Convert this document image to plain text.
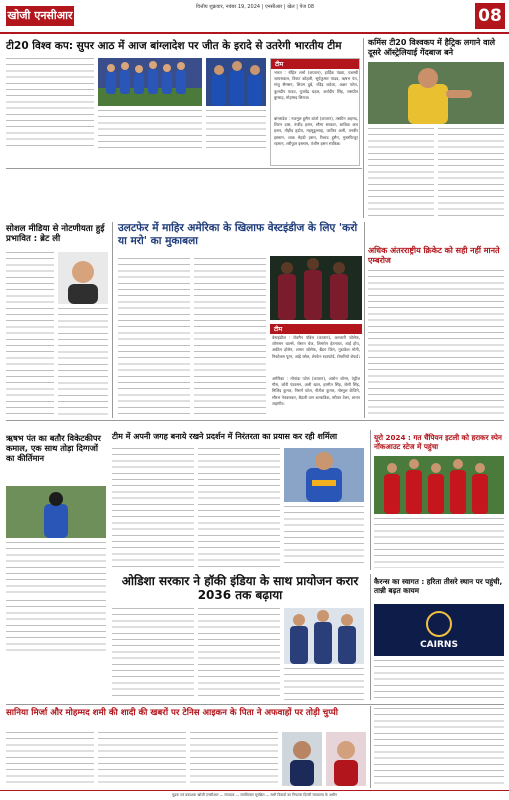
खोजी एनसीआर
वित्तीय शुक्रवार, नवंबर 19, 2024 | एनसीआर | खेल | पेज 08	08
टी20 विश्व कप: सुपर आठ में आज बांग्लादेश पर जीत के इरादे से उतरेगी भारतीय टीम
टीम
भारत : रोहित शर्मा (कप्तान), हार्दिक पंड्या, यशस्वी जायसवाल, विराट कोहली, सूर्यकुमार यादव, ऋषभ पंत, संजू सैमसन, शिवम दुबे, रविंद्र जडेजा, अक्षर पटेल, कुलदीप यादव, युजवेंद्र चहल, अर्शदीप सिंह, जसप्रीत बुमराह, मोहम्मद सिराज।
बांग्लादेश : नजमुल हुसैन शांतो (कप्तान), तस्कीन अहमद, लिटन दास, तंजीद हसन, सौम्य सरकार, शाकिब अल हसन, तौहीद हृदोय, महमूदुल्लाह, जाकिर अली, तनवीर इस्लाम, शाक मेहदी हसन, रिशाद हुसैन, मुस्तफिजुर रहमान, शरीफुल इस्लाम, तंजीम हसन साकिब।
कमिंस टी20 विश्वकप में हैट्रिक लगाने वाले दूसरे ऑस्ट्रेलियाई गेंदबाज बने
सोशल मीडिया से नोटणीयता हुई प्रभावित : ब्रेट ली
उलटफेर में माहिर अमेरिका के खिलाफ वेस्टइंडीज के लिए 'करो या मरो' का मुकाबला
टीम
वेस्टइंडीज : रोवमैन पॉवेल (कप्तान), अल्जारी जोसेफ, जॉनसन चार्ल्स, रोस्टन चेज, शिमरोन हेटमायर, शाई होप, अकील होसेन, शमार जोसेफ, ब्रैंडन किंग, गुडाकेश मोती, निकोलस पूरन, आंद्रे रसेल, शेरफेन रदरफोर्ड, रोमारियो शेफर्ड।
अमेरिका : मोनांक पटेल (कप्तान), आरोन जोन्स, एंड्रीज गौस, कोरी एंडरसन, अली खान, हरमीत सिंह, जेसी सिंह, मिलिंद कुमार, निसर्ग पटेल, नीतीश कुमार, नोस्तुश केंजिगे, सौरभ नेत्रवलकर, शैडली वान शल्कविक, स्टीवन टेलर, शायन जहांगीर।
अधिक अंतरराष्ट्रीय क्रिकेट को सही नहीं मानते एम्बरोज
ऋषभ पंत का बतौर विकेटकीपर कमाल, एक साथ तोड़ा दिग्गजों का कीर्तिमान
टीम में अपनी जगह बनाये रखने प्रदर्शन में निरंतरता का प्रयास कर रही शर्मिला	यूरो 2024 : गत चैंपियन इटली को हराकर स्पेन नॉकआउट स्टेज में पहुंचा
ओडिशा सरकार ने हॉकी इंडिया के साथ प्रायोजन करार 2036 तक बढ़ाया
कैरन्स का स्वागत : हरिता तीसरे स्थान पर पहुंची, तान्नी बढ़त कायम
CAIRNS
सानिया मिर्जा और मोहम्मद शमी की शादी की खबरों पर टेनिस आइकन के पिता ने अफवाहों पर तोड़ी चुप्पी
मुद्रक एवं प्रकाशक खोजी एनसीआर — संपादक — सर्वाधिकार सुरक्षित — सभी विवादों का निपटारा दिल्ली न्यायालय के अधीन
